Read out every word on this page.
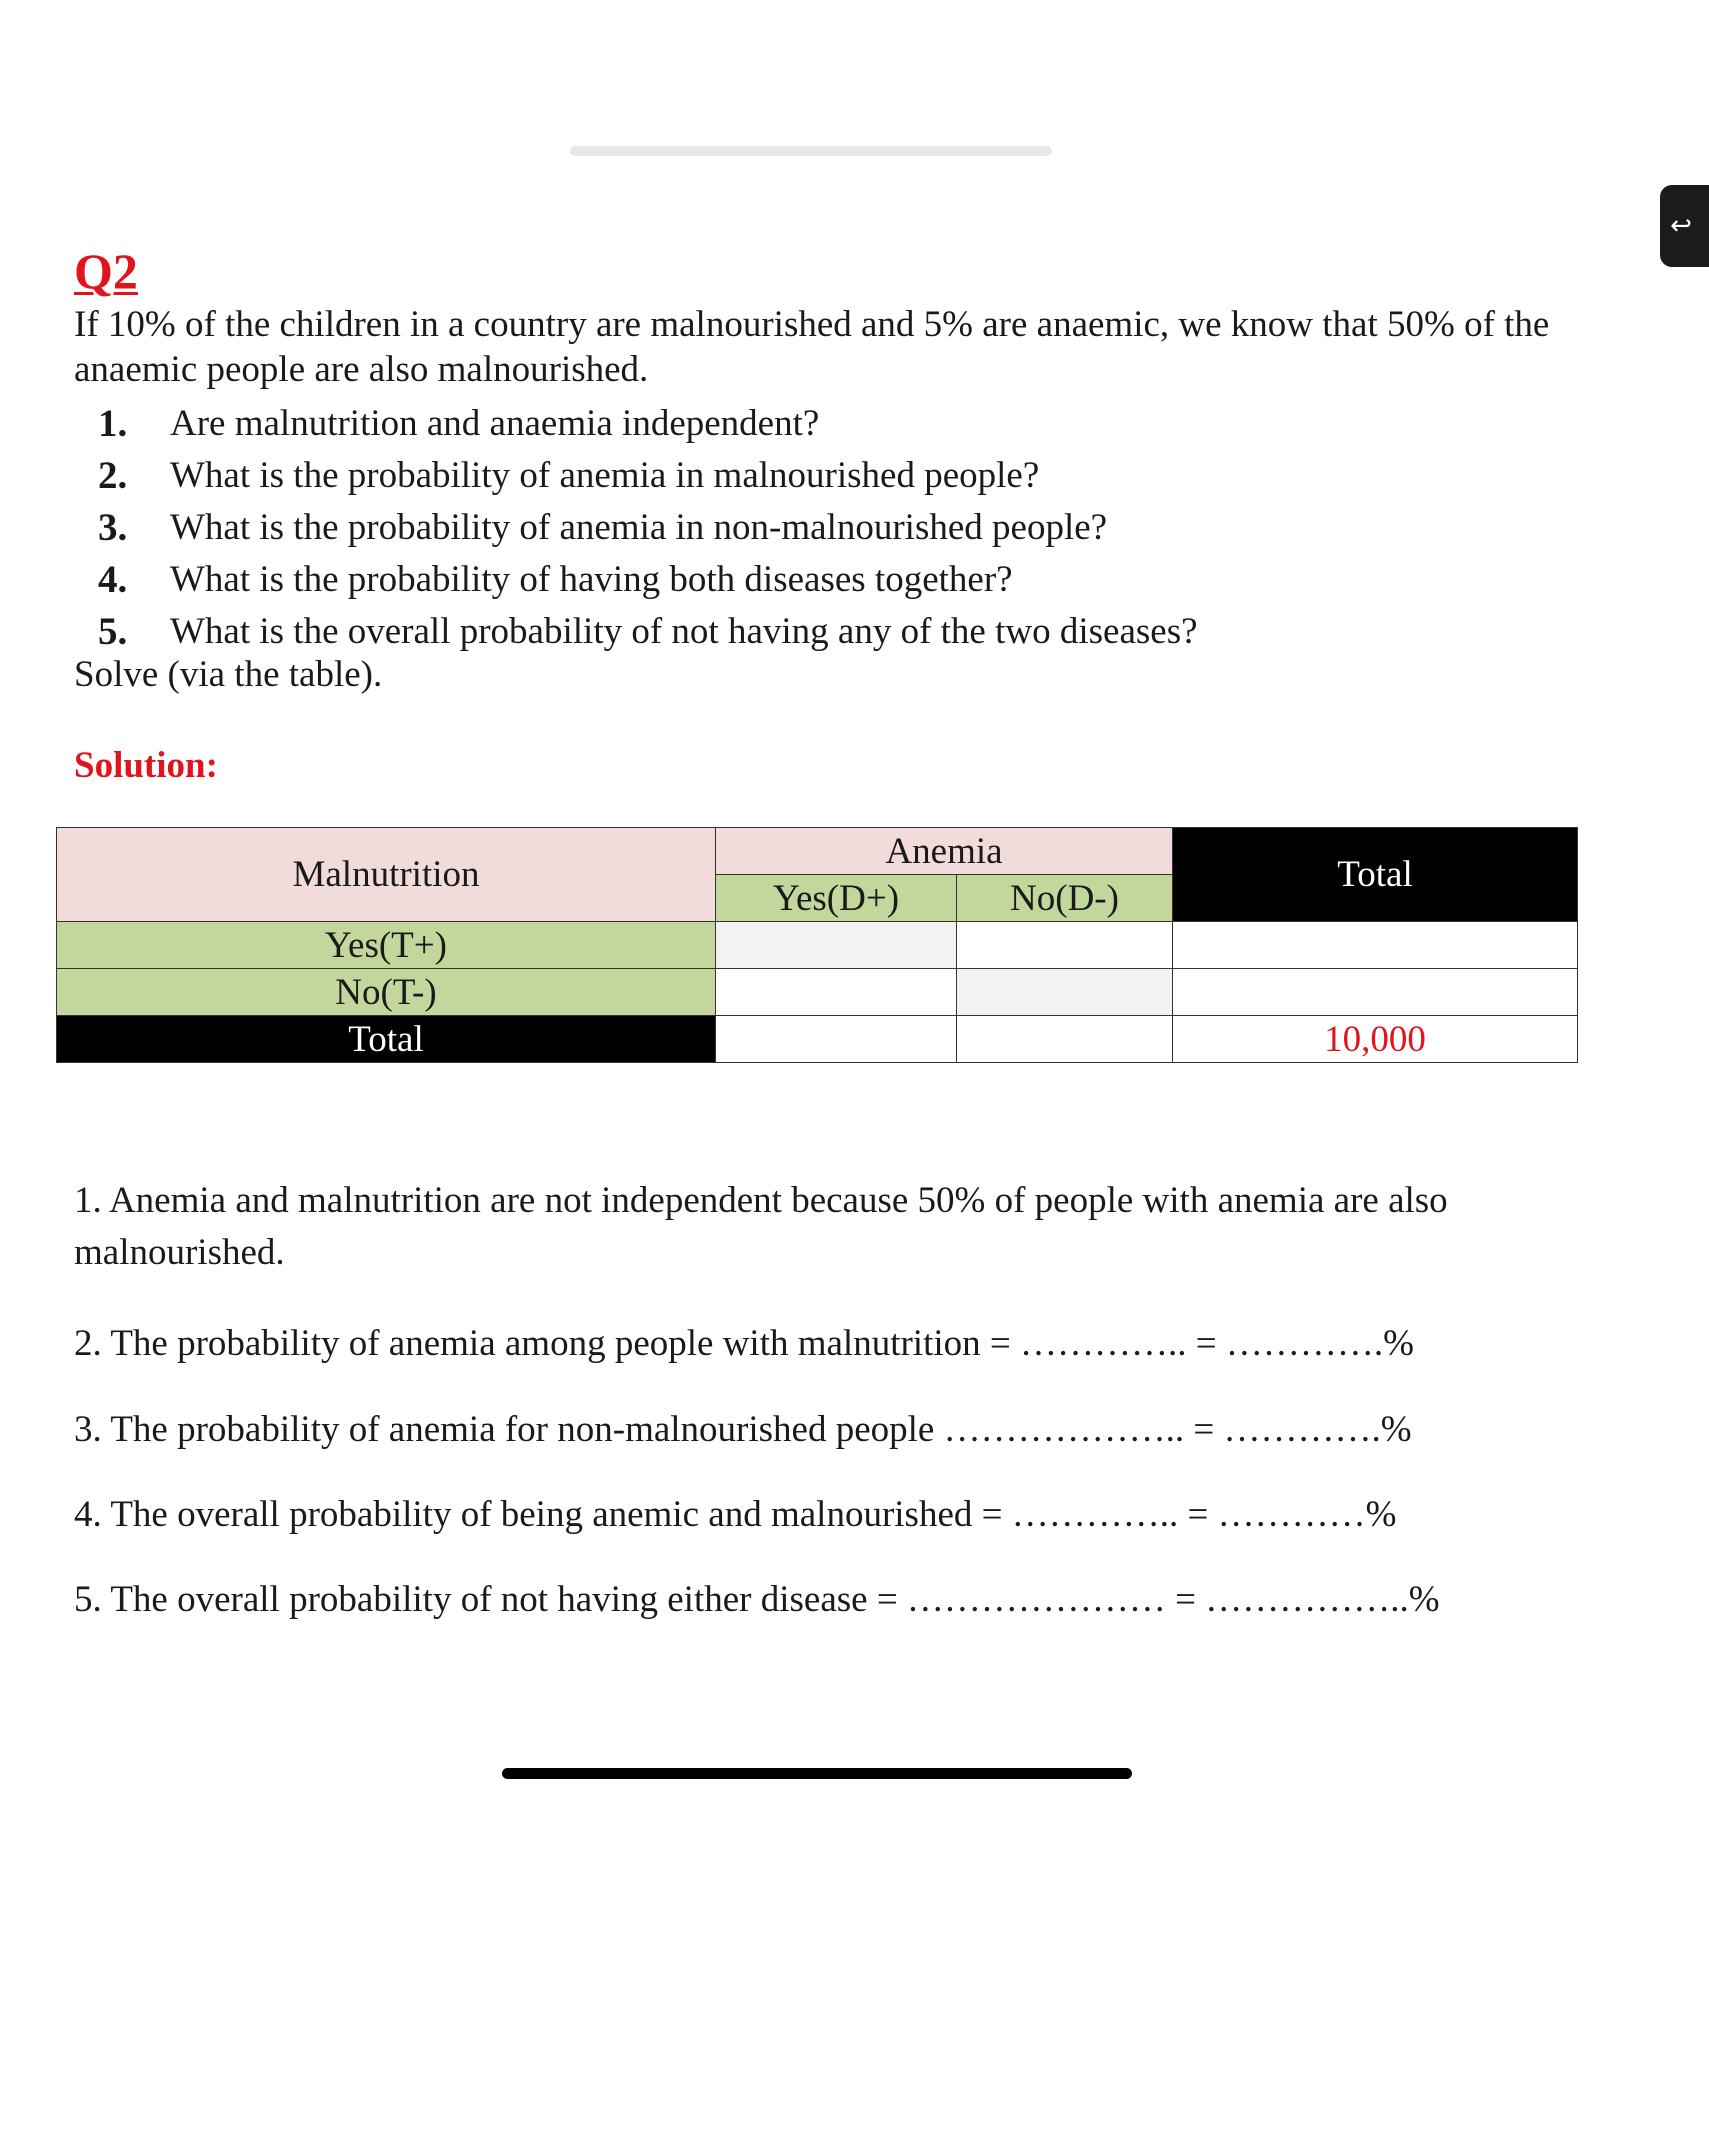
↩
Q2

If 10% of the children in a country are malnourished and 5% are anaemic, we know that 50% of the anaemic people are also malnourished.

1.	Are malnutrition and anaemia independent?
2.	What is the probability of anemia in malnourished people?
3.	What is the probability of anemia in non-malnourished people?
4.	What is the probability of having both diseases together?
5.	What is the overall probability of not having any of the two diseases?
Solve (via the table).
Solution:
Malnutrition	Anemia		Total
	Yes(D+)	No(D-)	
Yes(T+)			
No(T-)			
Total			10,000

1. Anemia and malnutrition are not independent because 50% of people with anemia are also malnourished.

2. The probability of anemia among people with malnutrition = ………….. = ………….%
3. The probability of anemia for non-malnourished people ……………….. = ………….%
4. The overall probability of being anemic and malnourished = ………….. = …………%
5. The overall probability of not having either disease = ………………… = ……………..%
